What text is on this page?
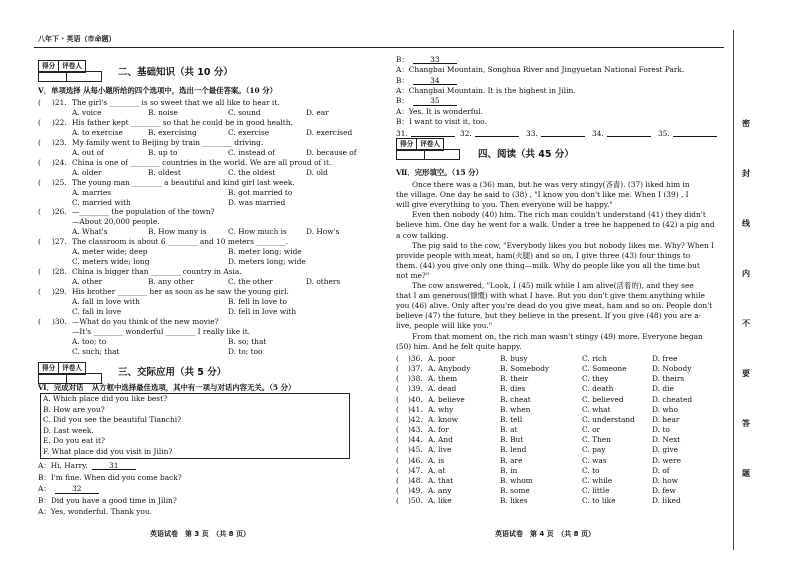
八年下 · 英语（市命题）
得分	评卷人
二、基础知识（共 10 分）
V．单项选择 从每小题所给的四个选项中，选出一个最佳答案。（10 分）
( )21. The girl's ________ is so sweet that we all like to hear it.
A. voice	B. noise	C. sound	D. ear
( )22. His father kept ________ so that he could be in good health.
A. to exercise	B. exercising	C. exercise	D. exercised
( )23. My family went to Beijing by train ________ driving.
A. out of	B. up to	C. instead of	D. because of
( )24. China is one of ________ countries in the world. We are all proud of it.
A. older	B. oldest	C. the oldest	D. old
( )25. The young man ________ a beautiful and kind girl last week.
A. marries	B. got married to
C. married with	D. was married
( )26. —________ the population of the town?
—About 20,000 people.
A. What's	B. How many is	C. How much is	D. How's
( )27. The classroom is about 6 ________ and 10 meters ________.
A. meter wide; deep	B. meter long; wide
C. meters wide; long	D. meters long; wide
( )28. China is bigger than ________ country in Asia.
A. other	B. any other	C. the other	D. others
( )29. His brother ________ her as soon as he saw the young girl.
A. fall in love with	B. fell in love to
C. fall in love	D. fell in love with
( )30. —What do you think of the new movie?
—It's ________ wonderful ________ I really like it.
A. too; to	B. so; that
C. such; that	D. to; too
得分	评卷人	三、交际应用（共 5 分）
Ⅵ．完成对话 从方框中选择最佳选项，其中有一项与对话内容无关。（5 分）
A. Which place did you like best?
B. How are you?
C. Did you see the beautiful Tianchi?
D. Last week.
E. Do you eat it?
F. What place did you visit in Jilin?
A：Hi, Harry.	31
B：I'm fine. When did you come back?
A：	32
B：Did you have a good time in Jilin?
A：Yes, wonderful. Thank you.
英语试卷　第 3 页　（共 8 页）
B：	33
A：Changbai Mountain, Songhua River and Jingyuetan National Forest Park.
B：	34
A：Changbai Mountain. It is the highest in Jilin.
B：	35
A：Yes. It is wonderful.
B：I want to visit it, too.
31.	32.	33.	34.	35.
得分	评卷人
四、阅读（共 45 分）
Ⅶ．完形填空。（15 分）
Once there was a (36) man, but he was very stingy(吝啬). (37) liked him in
the village. One day he said to (38) , "I know you don't like me. When I (39) , I
will give everything to you. Then everyone will be happy."
Even then nobody (40) him. The rich man couldn't understand (41) they didn't
believe him. One day he went for a walk. Under a tree he happened to (42) a pig and
a cow talking.
The pig said to the cow, "Everybody likes you but nobody likes me. Why? When I
provide people with meat, ham(火腿) and so on, I give three (43) four things to
them. (44) you give only one thing—milk. Why do people like you all the time but
not me?"
The cow answered, "Look, I (45) milk while I am alive(活着的), and they see
that I am generous(慷慨) with what I have. But you don't give them anything while
you (46) alive. Only after you're dead do you give meat, ham and so on. People don't
believe (47) the future, but they believe in the present. If you give (48) you are a-
live, people will like you."
From that moment on, the rich man wasn't stingy (49) more. Everyone began
(50) him. And he felt quite happy.
( )36. A. poor	B. busy	C. rich	D. free
( )37. A. Anybody	B. Somebody	C. Someone	D. Nobody
( )38. A. them	B. their	C. they	D. theirs
( )39. A. dead	B. dies	C. death	D. die
( )40. A. believe	B. cheat	C. believed	D. cheated
( )41. A. why	B. when	C. what	D. who
( )42. A. know	B. tell	C. understand D. hear
( )43. A. for	B. at	C. or	D. to
( )44. A. And	B. But	C. Then	D. Next
( )45. A. live	B. lend	C. pay	D. give
( )46. A. is	B. are	C. was	D. were
( )47. A. at	B. in	C. to	D. of
( )48. A. that	B. whom	C. while	D. how
( )49. A. any	B. some	C. little	D. few
( )50. A. like	B. likes	C. to like	D. liked
英语试卷　第 4 页　（共 8 页）
密
封
线
内
不
要
答
题
